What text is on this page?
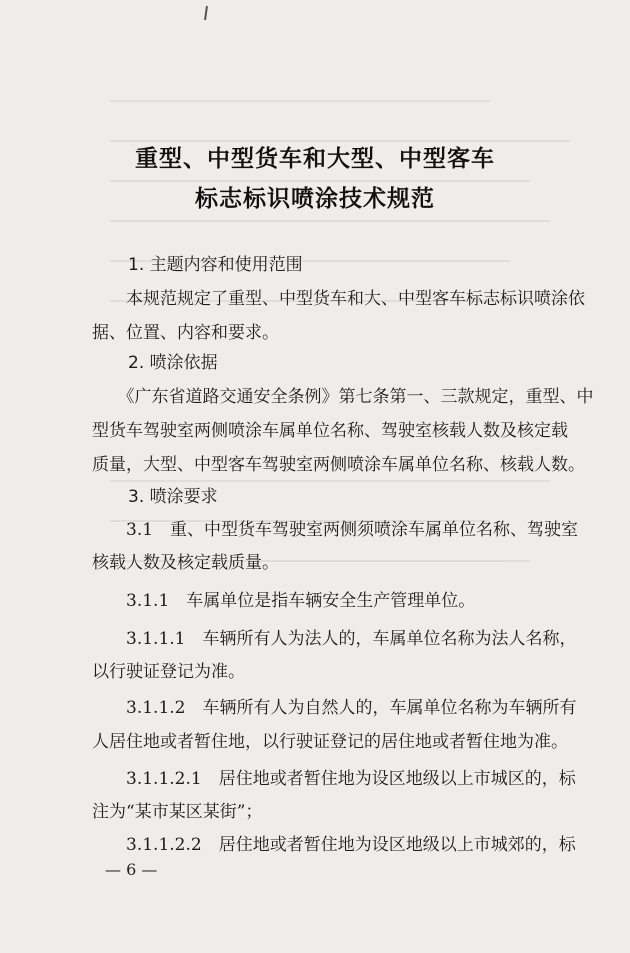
重型、中型货车和大型、中型客车
标志标识喷涂技术规范
1. 主题内容和使用范围
　　本规范规定了重型、中型货车和大、中型客车标志标识喷涂依
据、位置、内容和要求。
2. 喷涂依据
　　《广东省道路交通安全条例》第七条第一、三款规定，重型、中
型货车驾驶室两侧喷涂车属单位名称、驾驶室核载人数及核定载
质量，大型、中型客车驾驶室两侧喷涂车属单位名称、核载人数。
3. 喷涂要求
　　3.1　重、中型货车驾驶室两侧须喷涂车属单位名称、驾驶室
核载人数及核定载质量。
　　3.1.1　车属单位是指车辆安全生产管理单位。
　　3.1.1.1　车辆所有人为法人的，车属单位名称为法人名称，
以行驶证登记为准。
　　3.1.1.2　车辆所有人为自然人的，车属单位名称为车辆所有
人居住地或者暂住地，以行驶证登记的居住地或者暂住地为准。
　　3.1.1.2.1　居住地或者暂住地为设区地级以上市城区的，标
注为“某市某区某街”；
　　3.1.1.2.2　居住地或者暂住地为设区地级以上市城郊的，标
— 6 —
